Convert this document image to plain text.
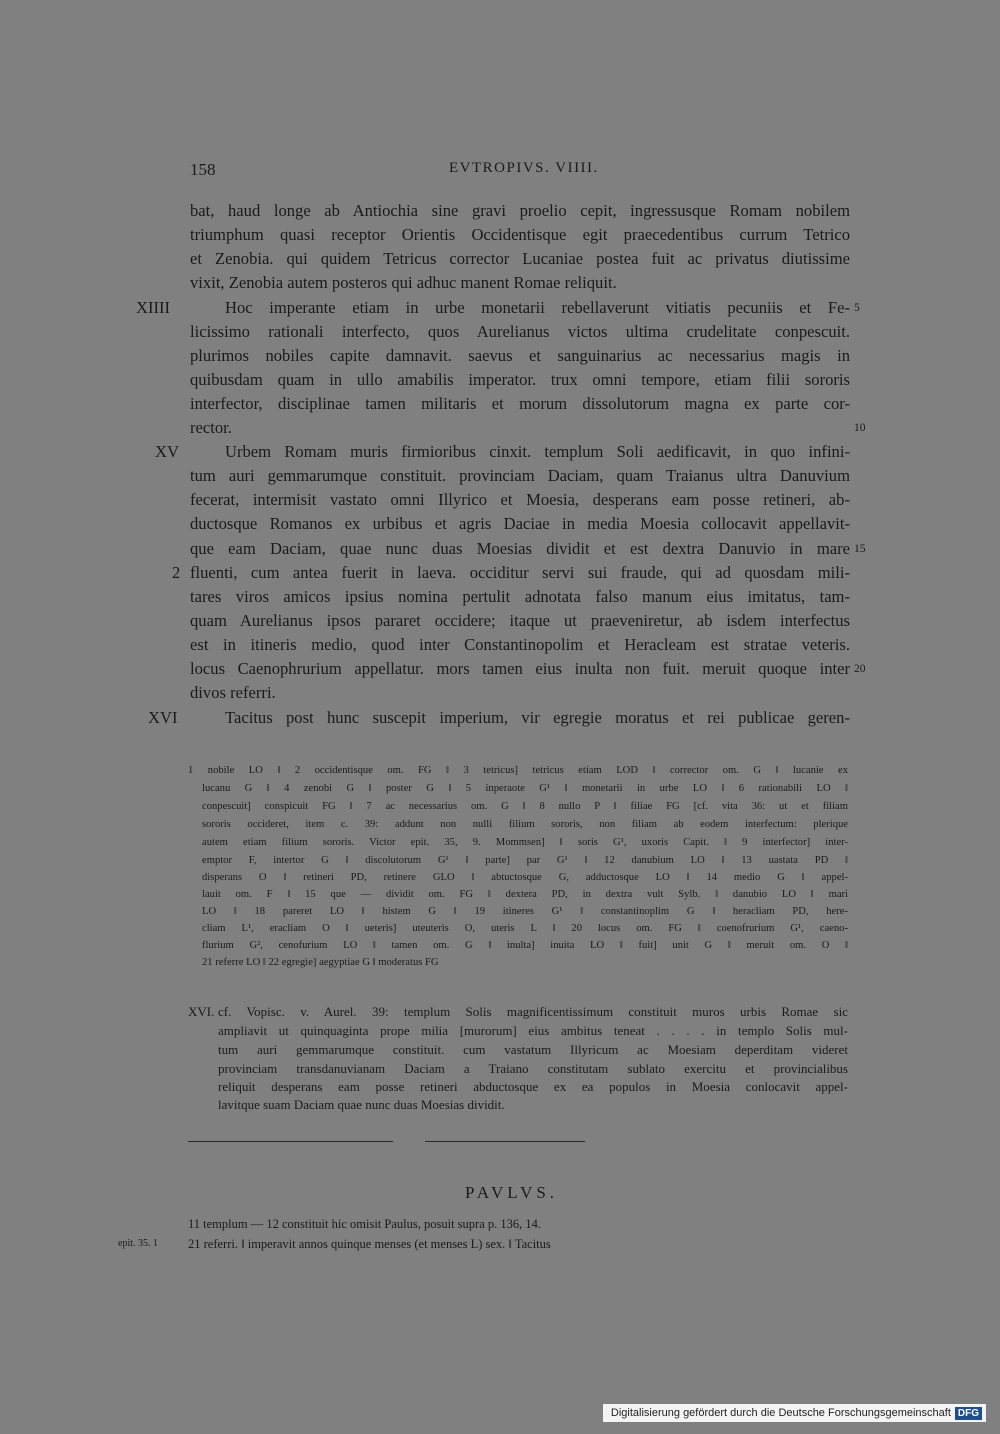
158	EVTROPIVS. VIIII.
bat, haud longe ab Antiochia sine gravi proelio cepit, ingressusque Romam nobilem
triumphum quasi receptor Orientis Occidentisque egit praecedentibus currum Tetrico
et Zenobia. qui quidem Tetricus corrector Lucaniae postea fuit ac privatus diutissime
vixit, Zenobia autem posteros qui adhuc manent Romae reliquit.
XIIII	Hoc imperante etiam in urbe monetarii rebellaverunt vitiatis pecuniis et Fe- 5
licissimo rationali interfecto, quos Aurelianus victos ultima crudelitate conpescuit.
plurimos nobiles capite damnavit. saevus et sanguinarius ac necessarius magis in
quibusdam quam in ullo amabilis imperator. trux omni tempore, etiam filii sororis
interfector, disciplinae tamen militaris et morum dissolutorum magna ex parte cor-
rector.	10
XV	Urbem Romam muris firmioribus cinxit. templum Soli aedificavit, in quo infini-
tum auri gemmarumque constituit. provinciam Daciam, quam Traianus ultra Danuvium
fecerat, intermisit vastato omni Illyrico et Moesia, desperans eam posse retineri, ab-
ductosque Romanos ex urbibus et agris Daciae in media Moesia collocavit appellavit-
que eam Daciam, quae nunc duas Moesias dividit et est dextra Danuvio in mare 15
2 fluenti, cum antea fuerit in laeva. occiditur servi sui fraude, qui ad quosdam mili-
tares viros amicos ipsius nomina pertulit adnotata falso manum eius imitatus, tam-
quam Aurelianus ipsos pararet occidere; itaque ut praeveniretur, ab isdem interfectus
est in itineris medio, quod inter Constantinopolim et Heracleam est stratae veteris.
locus Caenophrurium appellatur. mors tamen eius inulta non fuit. meruit quoque inter 20
divos referri.
XVI	Tacitus post hunc suscepit imperium, vir egregie moratus et rei publicae geren-
1 nobile LO ‖ 2 occidentisque om. FG ‖ 3 tetricus] tetricus etiam LOD ‖ corrector om. G ‖ lucanie ex
lucanu G ‖ 4 zenobi G ‖ poster G ‖ 5 inperaote G¹ ‖ monetarii in urbe LO ‖ 6 rationabili LO ‖
conpescuit] conspicuit FG ‖ 7 ac necessarius om. G ‖ 8 nullo P ‖ filiae FG [cf. vita 36: ut et filiam
sororis occideret, item c. 39: addunt non nulli filium sororis, non filiam ab eodem interfectum: plerique
autem etiam filium sororis. Victor epit. 35, 9. Mommsen] ‖ soris G¹, uxoris Capit. ‖ 9 interfector] inter-
emptor F, intertor G ‖ discolutorum G¹ ‖ parte] par G¹ ‖ 12 danubium LO ‖ 13 uastata PD ‖
disperans O ‖ retineri PD, retinere GLO ‖ abtuctosque G, adductosque LO ‖ 14 medio G ‖ appel-
lauit om. F ‖ 15 que — dividit om. FG ‖ dextera PD, in dextra vult Sylb. ‖ danubio LO ‖ mari
LO ‖ 18 pareret LO ‖ histem G ‖ 19 itineres G¹ ‖ constantinoplim G ‖ heracliam PD, here-
cliam L¹, eracliam O ‖ ueteris] uteuteris O, uteris L ‖ 20 locus om. FG ‖ coenofrurium G¹, caeno-
flurium G², cenofurium LO ‖ tamen om. G ‖ inulta] inuita LO ‖ fuit] unit G ‖ meruit om. O ‖
21 referre LO ‖ 22 egregie] aegyptiae G ‖ moderatus FG
XVI. cf. Vopisc. v. Aurel. 39: templum Solis magnificentissimum constituit muros urbis Romae sic
ampliavit ut quinquaginta prope milia [murorum] eius ambitus teneat . . . . in templo Solis mul-
tum auri gemmarumque constituit. cum vastatum Illyricum ac Moesiam deperditam videret
provinciam transdanuvianam Daciam a Traiano constitutam sublato exercitu et provincialibus
reliquit desperans eam posse retineri abductosque ex ea populos in Moesia conlocavit appel-
lavitque suam Daciam quae nunc duas Moesias dividit.
PAVLVS.
11 templum — 12 constituit hic omisit Paulus, posuit supra p. 136, 14.
epit. 35. 1 21 referri. ‖ imperavit annos quinque menses (et menses L) sex. ‖ Tacitus
Digitalisierung gefördert durch die Deutsche Forschungsgemeinschaft DFG
